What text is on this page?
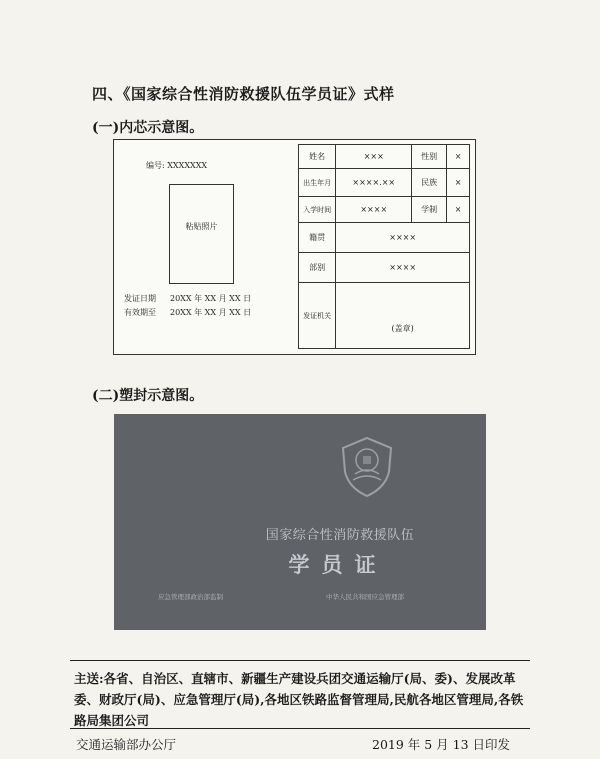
四、《国家综合性消防救援队伍学员证》式样
(一)内芯示意图。
编号: XXXXXXX
粘贴照片
发证日期 20XX 年 XX 月 XX 日
有效期至 20XX 年 XX 月 XX 日
姓名	×××	性别	×
出生年月	××××.××	民族	×
入学时间	××××	学制	×
籍贯	××××		
部别	××××		
发证机关	(盖章)		
(二)塑封示意图。
国家综合性消防救援队伍
学员证
应急管理部政治部监制	中华人民共和国应急管理部
主送:各省、自治区、直辖市、新疆生产建设兵团交通运输厅(局、委)、发展改革委、财政厅(局)、应急管理厅(局),各地区铁路监督管理局,民航各地区管理局,各铁路局集团公司
交通运输部办公厅	2019 年 5 月 13 日印发
